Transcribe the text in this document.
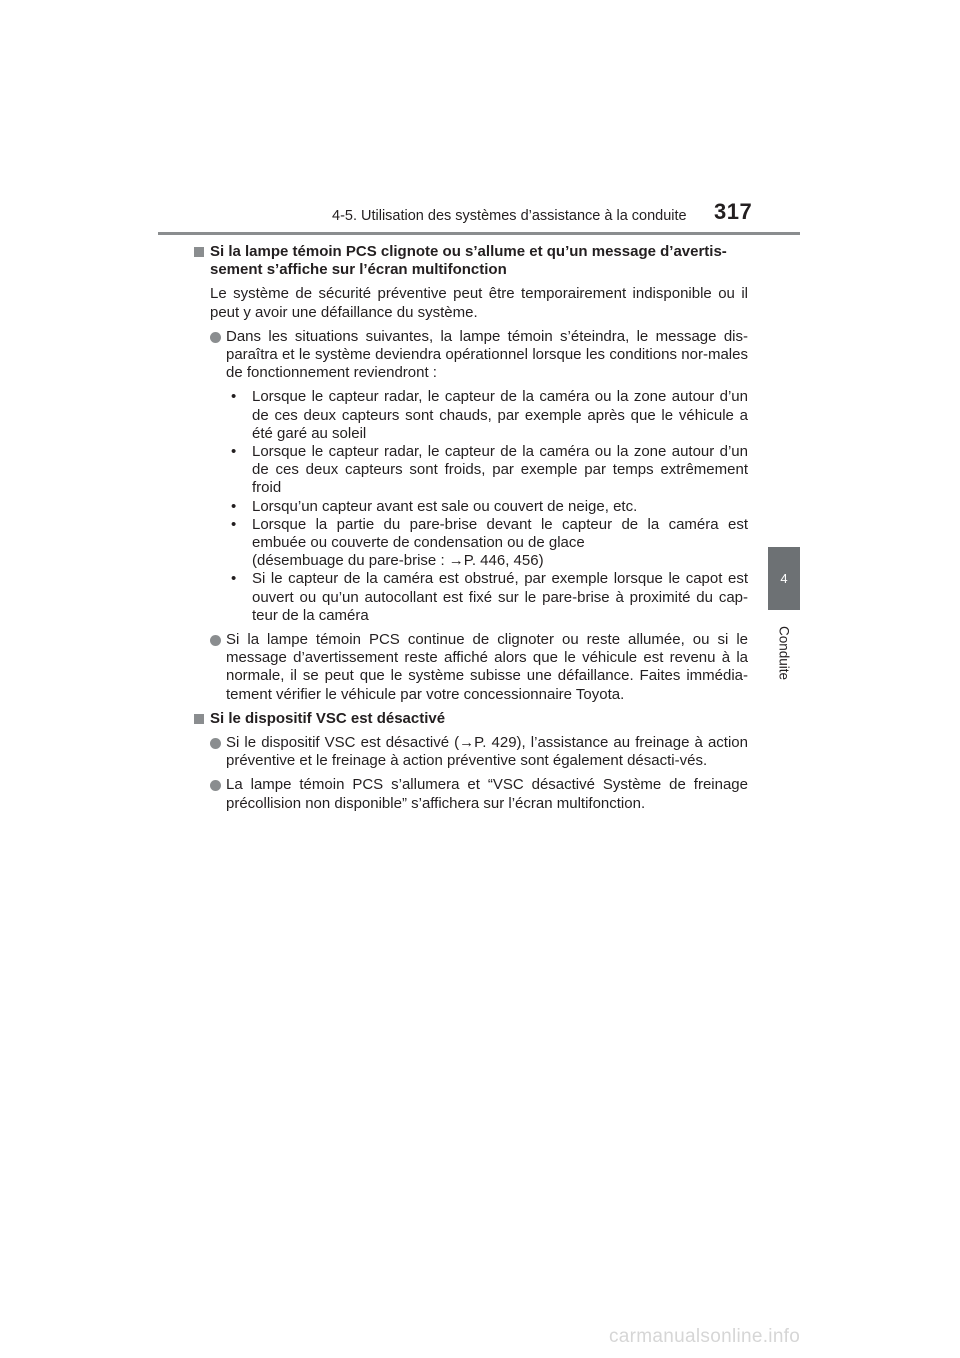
4-5. Utilisation des systèmes d’assistance à la conduite 317
4
Conduite
Si la lampe témoin PCS clignote ou s’allume et qu’un message d’avertis-
sement s’affiche sur l’écran multifonction
Le système de sécurité préventive peut être temporairement indisponible ou il peut y avoir une défaillance du système.
Dans les situations suivantes, la lampe témoin s’éteindra, le message dis-paraîtra et le système deviendra opérationnel lorsque les conditions nor-males de fonctionnement reviendront :
• Lorsque le capteur radar, le capteur de la caméra ou la zone autour d’un de ces deux capteurs sont chauds, par exemple après que le véhicule a été garé au soleil
• Lorsque le capteur radar, le capteur de la caméra ou la zone autour d’un de ces deux capteurs sont froids, par exemple par temps extrêmement froid
• Lorsqu’un capteur avant est sale ou couvert de neige, etc.
• Lorsque la partie du pare-brise devant le capteur de la caméra est embuée ou couverte de condensation ou de glace
(désembuage du pare-brise : →P. 446, 456)
• Si le capteur de la caméra est obstrué, par exemple lorsque le capot est ouvert ou qu’un autocollant est fixé sur le pare-brise à proximité du cap-teur de la caméra
Si la lampe témoin PCS continue de clignoter ou reste allumée, ou si le message d’avertissement reste affiché alors que le véhicule est revenu à la normale, il se peut que le système subisse une défaillance. Faites immédia-tement vérifier le véhicule par votre concessionnaire Toyota.
Si le dispositif VSC est désactivé
Si le dispositif VSC est désactivé (→P. 429), l’assistance au freinage à action préventive et le freinage à action préventive sont également désacti-vés.
La lampe témoin PCS s’allumera et “VSC désactivé Système de freinage précollision non disponible” s’affichera sur l’écran multifonction.
carmanualsonline.info
